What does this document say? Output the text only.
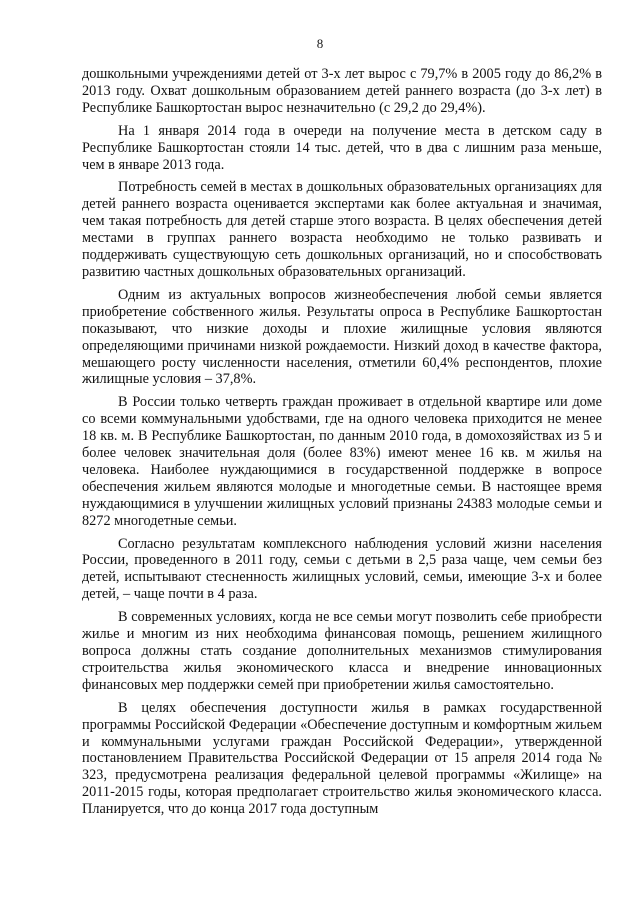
8

дошкольными учреждениями детей от 3-х лет вырос с 79,7% в 2005 году до 86,2% в 2013 году. Охват дошкольным образованием детей раннего возраста (до 3-х лет) в Республике Башкортостан вырос незначительно (с 29,2 до 29,4%).

На 1 января 2014 года в очереди на получение места в детском саду в Республике Башкортостан стояли 14 тыс. детей, что в два с лишним раза меньше, чем в январе 2013 года.

Потребность семей в местах в дошкольных образовательных организациях для детей раннего возраста оценивается экспертами как более актуальная и значимая, чем такая потребность для детей старше этого возраста. В целях обеспечения детей местами в группах раннего возраста необходимо не только развивать и поддерживать существующую сеть дошкольных организаций, но и способствовать развитию частных дошкольных образовательных организаций.

Одним из актуальных вопросов жизнеобеспечения любой семьи является приобретение собственного жилья. Результаты опроса в Республике Башкортостан показывают, что низкие доходы и плохие жилищные условия являются определяющими причинами низкой рождаемости. Низкий доход в качестве фактора, мешающего росту численности населения, отметили 60,4% респондентов, плохие жилищные условия – 37,8%.

В России только четверть граждан проживает в отдельной квартире или доме со всеми коммунальными удобствами, где на одного человека приходится не менее 18 кв. м. В Республике Башкортостан, по данным 2010 года, в домохозяйствах из 5 и более человек значительная доля (более 83%) имеют менее 16 кв. м жилья на человека. Наиболее нуждающимися в государственной поддержке в вопросе обеспечения жильем являются молодые и многодетные семьи. В настоящее время нуждающимися в улучшении жилищных условий признаны 24383 молодые семьи и 8272 многодетные семьи.

Согласно результатам комплексного наблюдения условий жизни населения России, проведенного в 2011 году, семьи с детьми в 2,5 раза чаще, чем семьи без детей, испытывают стесненность жилищных условий, семьи, имеющие 3-х и более детей, – чаще почти в 4 раза.

В современных условиях, когда не все семьи могут позволить себе приобрести жилье и многим из них необходима финансовая помощь, решением жилищного вопроса должны стать создание дополнительных механизмов стимулирования строительства жилья экономического класса и внедрение инновационных финансовых мер поддержки семей при приобретении жилья самостоятельно.

В целях обеспечения доступности жилья в рамках государственной программы Российской Федерации «Обеспечение доступным и комфортным жильем и коммунальными услугами граждан Российской Федерации», утвержденной постановлением Правительства Российской Федерации от 15 апреля 2014 года № 323, предусмотрена реализация федеральной целевой программы «Жилище» на 2011-2015 годы, которая предполагает строительство жилья экономического класса. Планируется, что до конца 2017 года доступным
